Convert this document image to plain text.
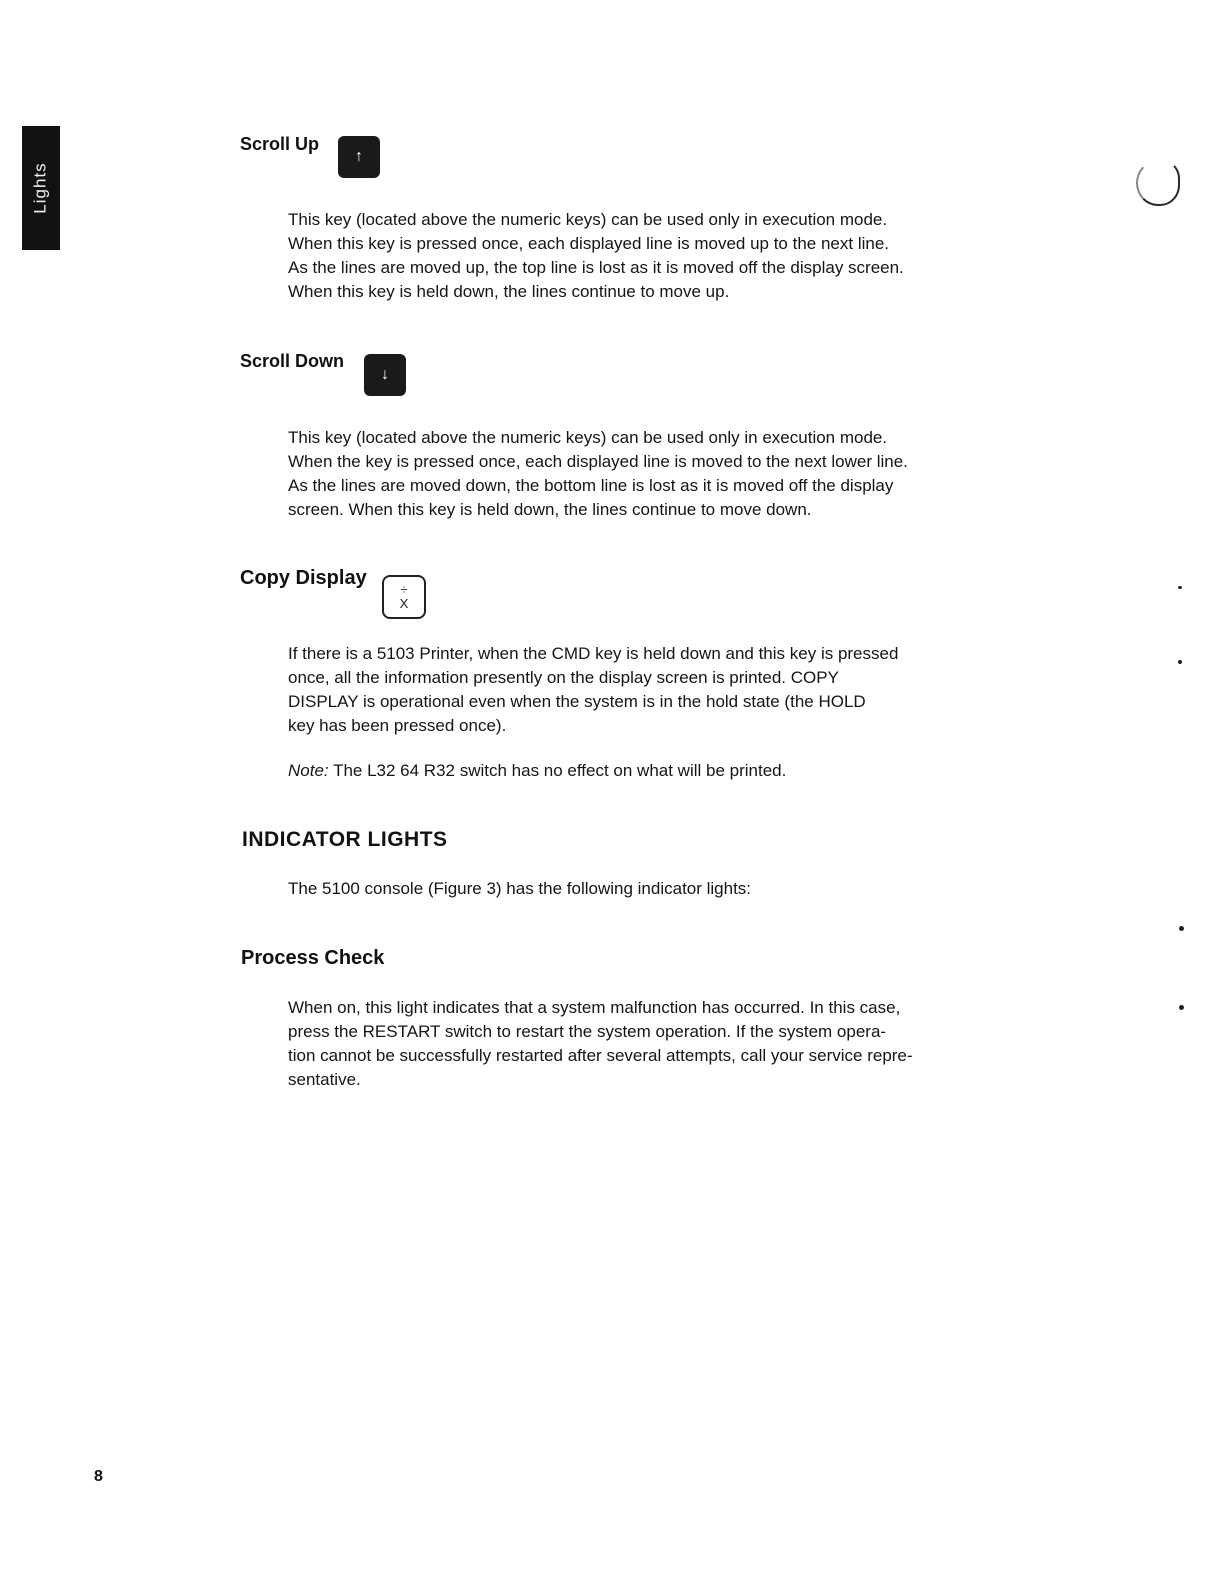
Lights
Scroll Up
↑

This key (located above the numeric keys) can be used only in execution mode.

When this key is pressed once, each displayed line is moved up to the next line.

As the lines are moved up, the top line is lost as it is moved off the display screen.

When this key is held down, the lines continue to move up.

Scroll Down
↓

This key (located above the numeric keys) can be used only in execution mode.

When the key is pressed once, each displayed line is moved to the next lower line.

As the lines are moved down, the bottom line is lost as it is moved off the display

screen. When this key is held down, the lines continue to move down.

Copy Display
÷
X

If there is a 5103 Printer, when the CMD key is held down and this key is pressed

once, all the information presently on the display screen is printed. COPY

DISPLAY is operational even when the system is in the hold state (the HOLD

key has been pressed once).

Note: The L32 64 R32 switch has no effect on what will be printed.

INDICATOR LIGHTS

The 5100 console (Figure 3) has the following indicator lights:

Process Check

When on, this light indicates that a system malfunction has occurred. In this case,

press the RESTART switch to restart the system operation. If the system opera-

tion cannot be successfully restarted after several attempts, call your service repre-

sentative.

8
